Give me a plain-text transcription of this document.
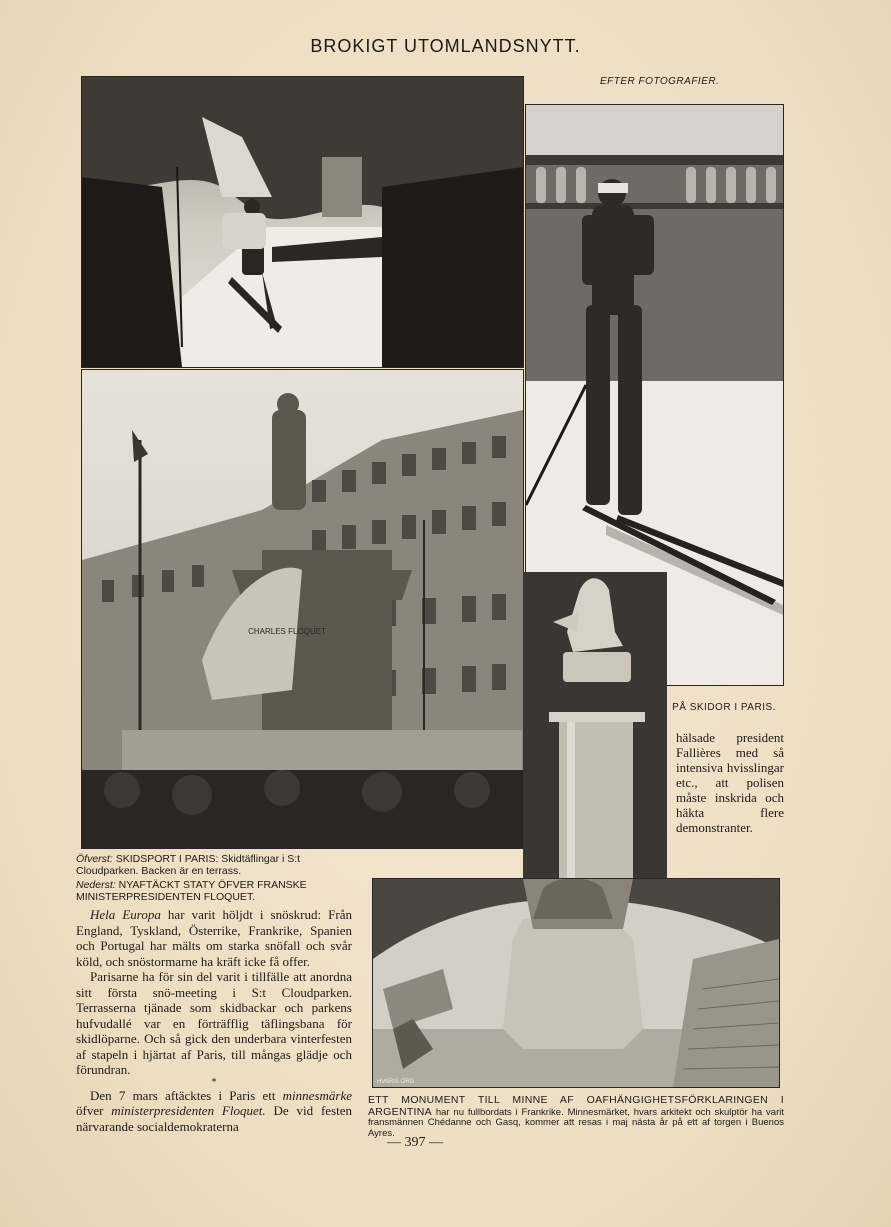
BROKIGT UTOMLANDSNYTT.
EFTER FOTOGRAFIER.
CHARLES FLOQUET
HVARIS ORG
Öfverst: SKIDSPORT I PARIS: Skidtäflingar i S:t Cloudparken. Backen är en terrass.
Nederst: NYAFTÄCKT STATY ÖFVER FRANSKE MINISTERPRESIDENTEN FLOQUET.

Hela Europa har varit höljdt i snöskrud: Från England, Tyskland, Österrike, Frankrike, Spanien och Portugal har mälts om starka snöfall och svår köld, och snöstormarne ha kräft icke få offer.

Parisarne ha för sin del varit i tillfälle att anordna sitt första snö-meeting i S:t Cloudparken. Terrasserna tjänade som skidbackar och parkens hufvudallé var en förträfflig täflingsbana för skidlöparne. Och så gick den underbara vinterfesten af stapeln i hjärtat af Paris, till mångas glädje och förundran.

*

Den 7 mars aftäcktes i Paris ett minnesmärke öfver ministerpresidenten Floquet. De vid festen närvarande socialdemokraterna

PÅ SKIDOR I PARIS.
hälsade president Fallières med så intensiva hvisslingar etc., att polisen måste inskrida och häkta flere demonstranter.
ETT MONUMENT TILL MINNE AF OAFHÄNGIGHETSFÖRKLARINGEN I ARGENTINA har nu fullbordats i Frankrike. Minnesmärket, hvars arkitekt och skulptör ha varit fransmännen Chédanne och Gasq, kommer att resas i maj nästa år på ett af torgen i Buenos Ayres.
— 397 —
